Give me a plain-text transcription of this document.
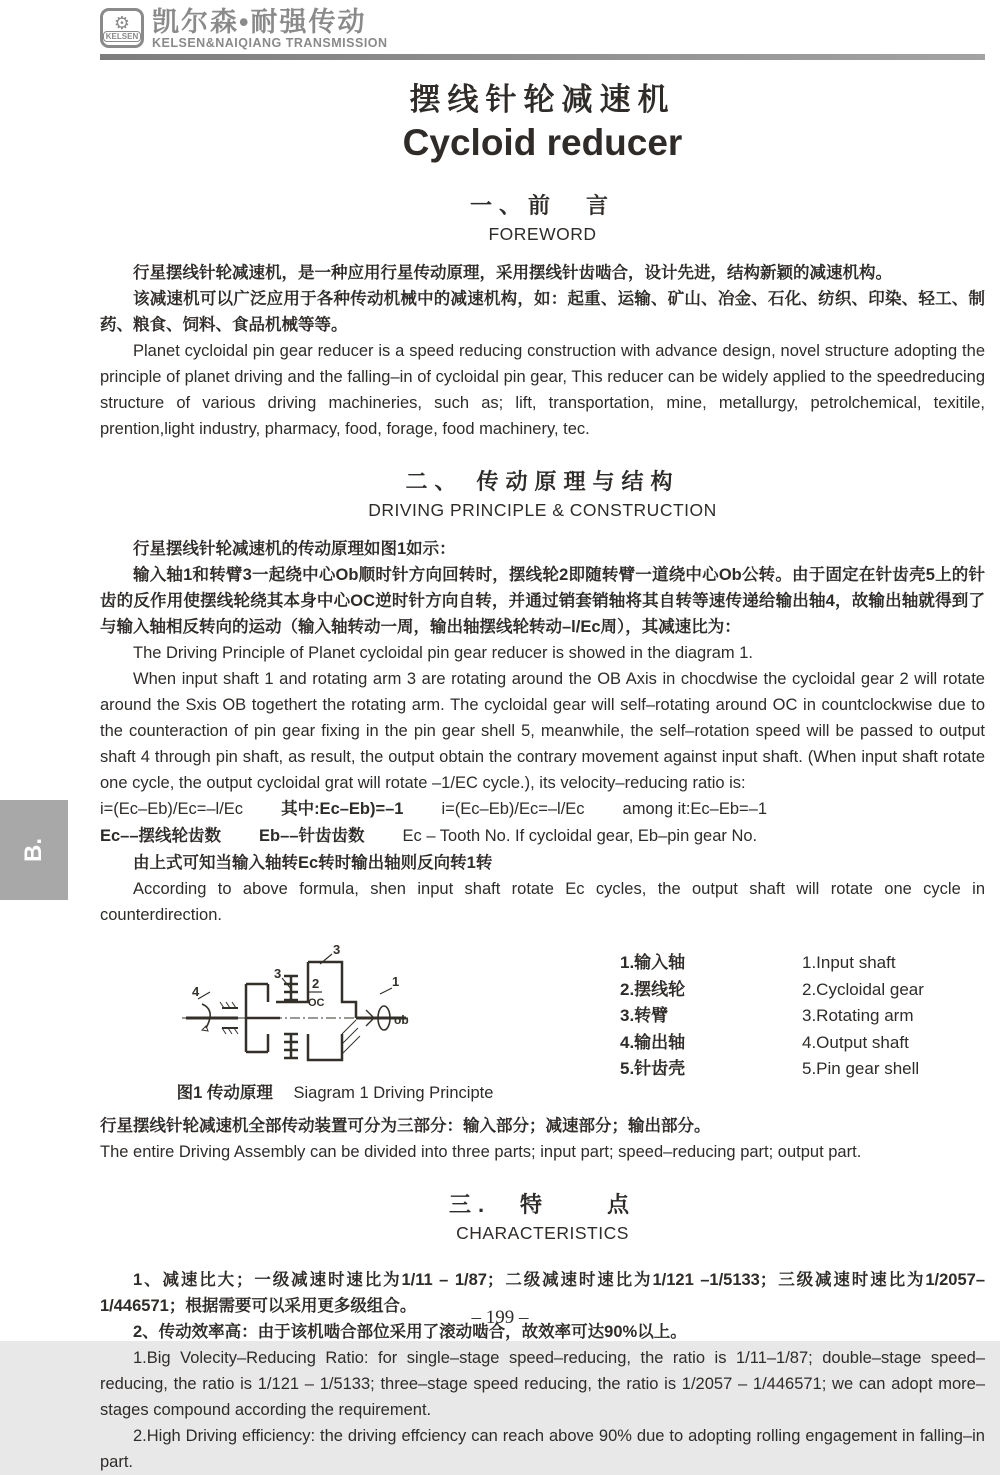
⚙
KELSEN 凯尔森•耐强传动
KELSEN&NAIQIANG TRANSMISSION
B.
摆线针轮减速机
Cycloid reducer
一、前　言
FOREWORD

行星摆线针轮减速机，是一种应用行星传动原理，采用摆线针齿啮合，设计先进，结构新颖的减速机构。

该减速机可以广泛应用于各种传动机械中的减速机构，如：起重、运输、矿山、冶金、石化、纺织、印染、轻工、制药、粮食、饲料、食品机械等等。

Planet cycloidal pin gear reducer is a speed reducing construction with advance design, novel structure adopting the principle of planet driving and the falling–in of cycloidal pin gear, This reducer can be widely applied to the speedreducing structure of various driving machineries, such as; lift, transportation, mine, metallurgy, petrolchemical, texitile, prention,light industry, pharmacy, food, forage, food machinery, tec.

二、 传动原理与结构
DRIVING PRINCIPLE & CONSTRUCTION

行星摆线针轮减速机的传动原理如图1如示：

输入轴1和转臂3一起绕中心Ob顺时针方向回转时，摆线轮2即随转臂一道绕中心Ob公转。由于固定在针齿壳5上的针齿的反作用使摆线轮绕其本身中心OC逆时针方向自转，并通过销套销轴将其自转等速传递给输出轴4，故输出轴就得到了与输入轴相反转向的运动（输入轴转动一周，输出轴摆线轮转动–l/Ec周），其减速比为：

The Driving Principle of Planet cycloidal pin gear reducer is showed in the diagram 1.

When input shaft 1 and rotating arm 3 are rotating around the OB Axis in chocdwise the cycloidal gear 2 will rotate around the Sxis OB togethert the rotating arm. The cycloidal gear will self–rotating around OC in countclockwise due to the counteraction of pin gear fixing in the pin gear shell 5, meanwhile, the self–rotation speed will be passed to output shaft 4 through pin shaft, as result, the output obtain the contrary movement against input shaft. (When input shaft rotate one cycle, the output cycloidal grat will rotate –1/EC cycle.), its velocity–reducing ratio is:

i=(Ec–Eb)/Ec=–l/Ec 其中:Ec–Eb)=–1 i=(Ec–Eb)/Ec=–l/Ec among it:Ec–Eb=–1
Ec––摆线轮齿数 Eb––针齿齿数 Ec – Tooth No. If cycloidal gear, Eb–pin gear No.

由上式可知当输入轴转Ec转时输出轴则反向转1转

According to above formula, shen input shaft rotate Ec cycles, the output shaft will rotate one cycle in counterdirection.

4
1
ob
3
3
2
OC
图1 传动原理 Siagram 1 Driving Principte
1.输入轴
2.摆线轮
3.转臂
4.输出轴
5.针齿壳
1.Input shaft
2.Cycloidal gear
3.Rotating arm
4.Output shaft
5.Pin gear shell

行星摆线针轮减速机全部传动装置可分为三部分：输入部分；减速部分；输出部分。

The entire Driving Assembly can be divided into three parts; input part; speed–reducing part; output part.

三.　特　　点
CHARACTERISTICS

1、减速比大；一级减速时速比为1/11 – 1/87；二级减速时速比为1/121 –1/5133；三级减速时速比为1/2057–1/446571；根据需要可以采用更多级组合。

2、传动效率高：由于该机啮合部位采用了滚动啮合，故效率可达90%以上。

1.Big Volecity–Reducing Ratio: for single–stage speed–reducing, the ratio is 1/11–1/87; double–stage speed–reducing, the ratio is 1/121 – 1/5133; three–stage speed reducing, the ratio is 1/2057 – 1/446571; we can adopt more–stages compound according the requirement.

2.High Driving efficiency: the driving effciency can reach above 90% due to adopting rolling engagement in falling–in part.

– 199 –
